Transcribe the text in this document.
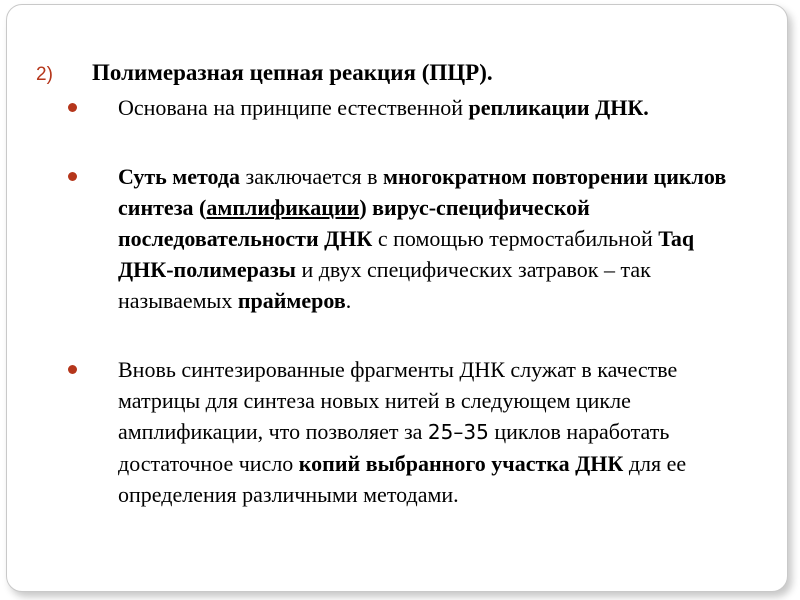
2) Полимеразная цепная реакция (ПЦР).
Основана на принципе естественной репликации ДНК.
Суть метода заключается в многократном повторении циклов синтеза (амплификации) вирус-специфической последовательности ДНК с помощью термостабильной Taq ДНК-полимеразы и двух специфических затравок – так называемых праймеров.
Вновь синтезированные фрагменты ДНК служат в качестве матрицы для синтеза новых нитей в следующем цикле амплификации, что позволяет за 25–35 циклов наработать достаточное число копий выбранного участка ДНК для ее определения различными методами.
